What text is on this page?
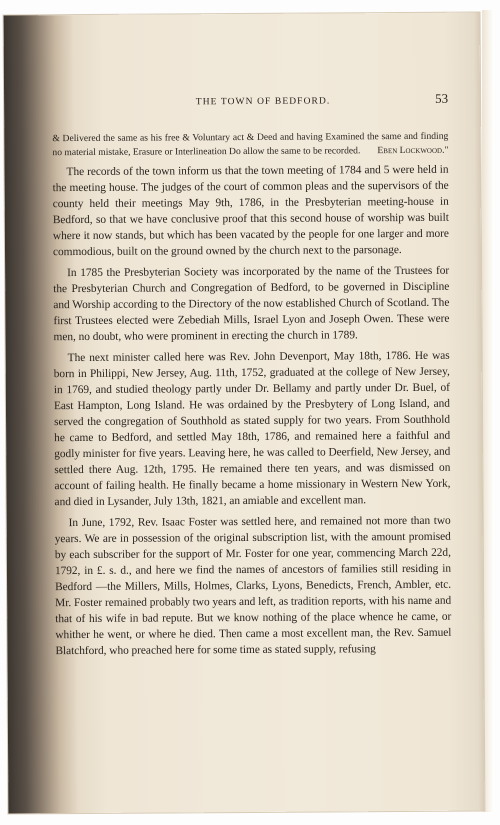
THE TOWN OF BEDFORD.	53
& Delivered the same as his free & Voluntary act & Deed and having Examined the same and finding no material mistake, Erasure or Interlineation Do allow the same to be recorded.	Eben Lockwood."

The records of the town inform us that the town meeting of 1784 and 5 were held in the meeting house. The judges of the court of common pleas and the supervisors of the county held their meetings May 9th, 1786, in the Presbyterian meeting-house in Bedford, so that we have conclusive proof that this second house of worship was built where it now stands, but which has been vacated by the people for one larger and more commodious, built on the ground owned by the church next to the parsonage.

In 1785 the Presbyterian Society was incorporated by the name of the Trustees for the Presbyterian Church and Congregation of Bedford, to be governed in Discipline and Worship according to the Directory of the now established Church of Scotland. The first Trustees elected were Zebediah Mills, Israel Lyon and Joseph Owen. These were men, no doubt, who were prominent in erecting the church in 1789.

The next minister called here was Rev. John Devenport, May 18th, 1786. He was born in Philippi, New Jersey, Aug. 11th, 1752, graduated at the college of New Jersey, in 1769, and studied theology partly under Dr. Bellamy and partly under Dr. Buel, of East Hampton, Long Island. He was ordained by the Presbytery of Long Island, and served the congregation of Southhold as stated supply for two years. From Southhold he came to Bedford, and settled May 18th, 1786, and remained here a faithful and godly minister for five years. Leaving here, he was called to Deerfield, New Jersey, and settled there Aug. 12th, 1795. He remained there ten years, and was dismissed on account of failing health. He finally became a home missionary in Western New York, and died in Lysander, July 13th, 1821, an amiable and excellent man.

In June, 1792, Rev. Isaac Foster was settled here, and remained not more than two years. We are in possession of the original subscription list, with the amount promised by each subscriber for the support of Mr. Foster for one year, commencing March 22d, 1792, in £. s. d., and here we find the names of ancestors of families still residing in Bedford —the Millers, Mills, Holmes, Clarks, Lyons, Benedicts, French, Ambler, etc. Mr. Foster remained probably two years and left, as tradition reports, with his name and that of his wife in bad repute. But we know nothing of the place whence he came, or whither he went, or where he died. Then came a most excellent man, the Rev. Samuel Blatchford, who preached here for some time as stated supply, refusing
